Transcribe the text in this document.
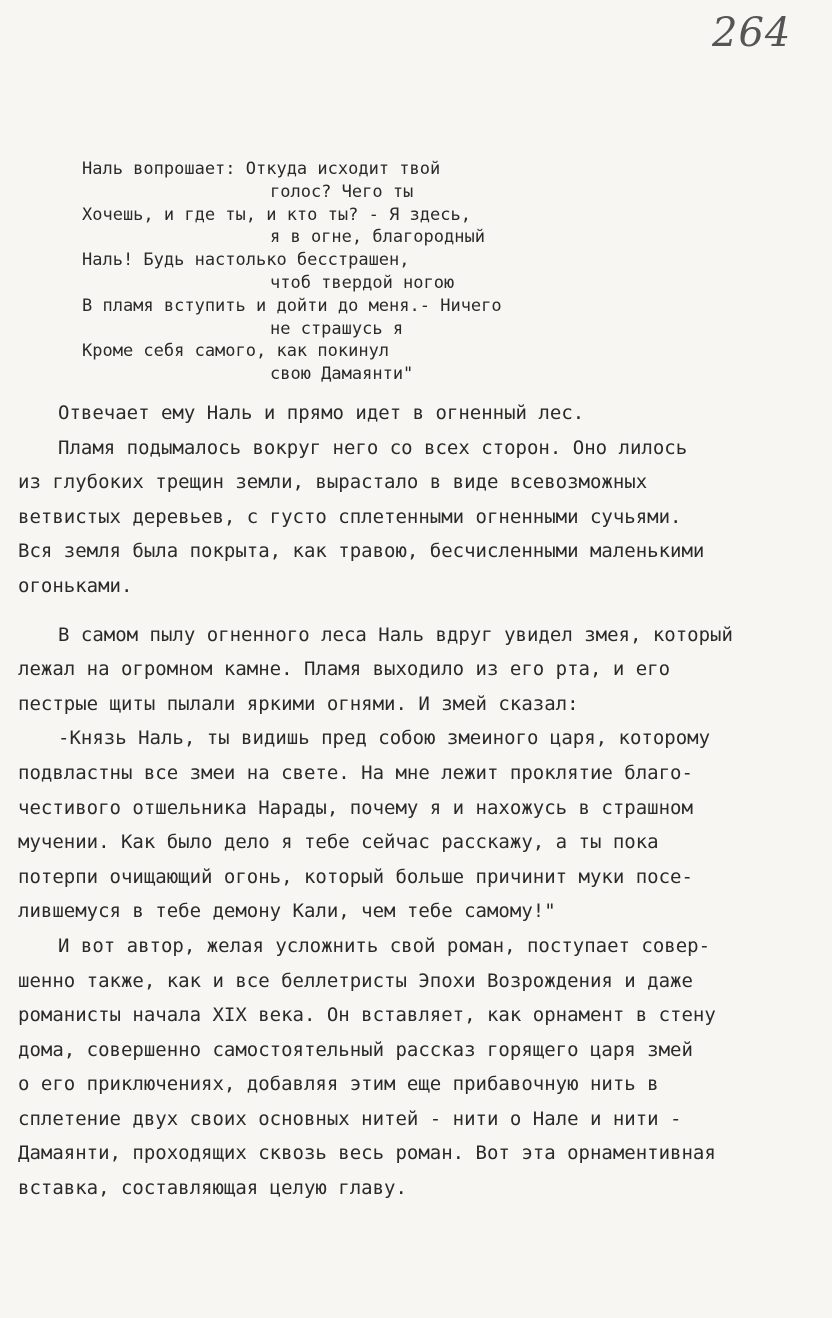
264
Наль вопрошает: Откуда исходит твой
голос? Чего ты
Хочешь, и где ты, и кто ты? - Я здесь,
я в огне, благородный
Наль! Будь настолько бесстрашен,
чтоб твердой ногою
В пламя вступить и дойти до меня.- Ничего
не страшусь я
Кроме себя самого, как покинул
свою Дамаянти"
Отвечает ему Наль и прямо идет в огненный лес.
Пламя подымалось вокруг него со всех сторон. Оно лилось
из глубоких трещин земли, вырастало в виде всевозможных
ветвистых деревьев, с густо сплетенными огненными сучьями.
Вся земля была покрыта, как травою, бесчисленными маленькими
огоньками.
В самом пылу огненного леса Наль вдруг увидел змея, который
лежал на огромном камне. Пламя выходило из его рта, и его
пестрые щиты пылали яркими огнями. И змей сказал:
-Князь Наль, ты видишь пред собою змеиного царя, которому
подвластны все змеи на свете. На мне лежит проклятие благо-
честивого отшельника Нарады, почему я и нахожусь в страшном
мучении. Как было дело я тебе сейчас расскажу, а ты пока
потерпи очищающий огонь, который больше причинит муки посе-
лившемуся в тебе демону Кали, чем тебе самому!"
И вот автор, желая усложнить свой роман, поступает совер-
шенно также, как и все беллетристы Эпохи Возрождения и даже
романисты начала XIX века. Он вставляет, как орнамент в стену
дома, совершенно самостоятельный рассказ горящего царя змей
о его приключениях, добавляя этим еще прибавочную нить в
сплетение двух своих основных нитей - нити о Нале и нити -
Дамаянти, проходящих сквозь весь роман. Вот эта орнаментивная
вставка, составляющая целую главу.
